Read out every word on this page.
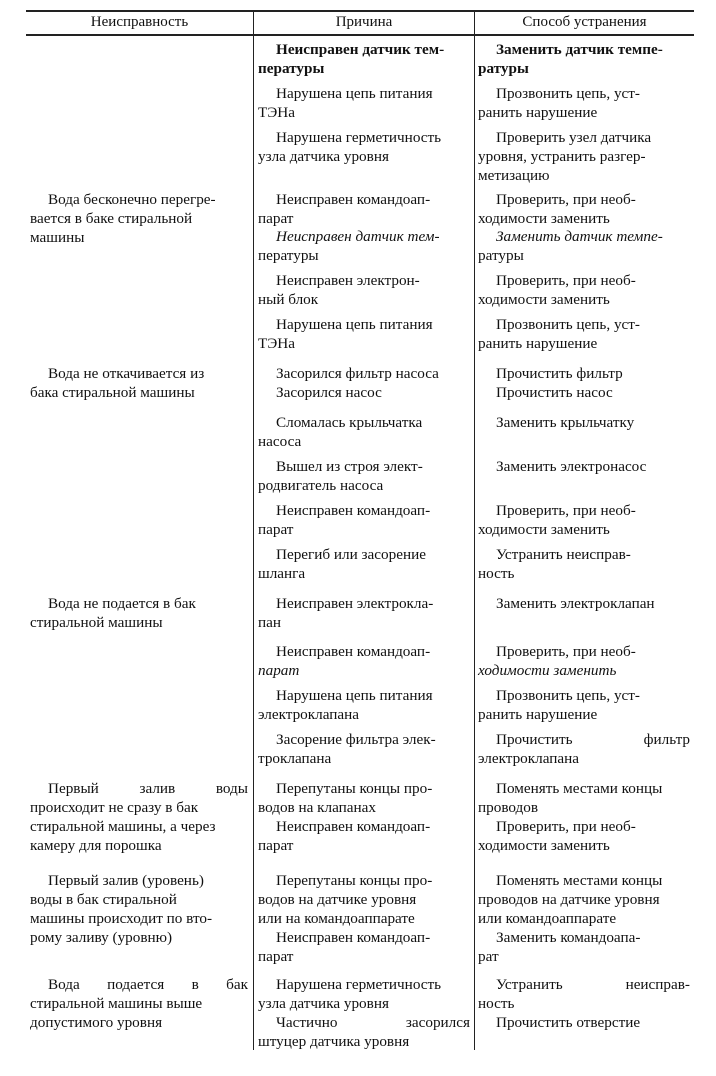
Неисправность	Причина	Способ устранения
Неисправен датчик тем-
пературы
Заменить датчик темпе-
ратуры
Нарушена цепь питания
ТЭНа
Прозвонить цепь, уст-
ранить нарушение
Нарушена герметичность
узла датчика уровня
Проверить узел датчика
уровня, устранить разгер-
метизацию
Вода бесконечно перегре-
вается в баке стиральной
машины
Неисправен командоап-
парат
Проверить, при необ-
ходимости заменить
Неисправен датчик тем-
пературы
Заменить датчик темпе-
ратуры
Неисправен электрон-
ный блок
Проверить, при необ-
ходимости заменить
Нарушена цепь питания
ТЭНа
Прозвонить цепь, уст-
ранить нарушение
Вода не откачивается из
бака стиральной машины
Засорился фильтр насоса
Засорился насос
Прочистить фильтр
Прочистить насос
Сломалась крыльчатка
насоса
Заменить крыльчатку
Вышел из строя элект-
родвигатель насоса
Заменить электронасос
Неисправен командоап-
парат
Проверить, при необ-
ходимости заменить
Перегиб или засорение
шланга
Устранить неисправ-
ность
Вода не подается в бак
стиральной машины
Неисправен электрокла-
пан
Заменить электроклапан
Неисправен командоап-
парат
Проверить, при необ-
ходимости заменить
Нарушена цепь питания
электроклапана
Прозвонить цепь, уст-
ранить нарушение
Засорение фильтра элек-
троклапана
Прочистить фильтр
электроклапана
Первый залив воды
происходит не сразу в бак
стиральной машины, а через
камеру для порошка
Перепутаны концы про-
водов на клапанах
Поменять местами концы
проводов
Неисправен командоап-
парат
Проверить, при необ-
ходимости заменить
Первый залив (уровень)
воды в бак стиральной
машины происходит по вто-
рому заливу (уровню)
Перепутаны концы про-
водов на датчике уровня
или на командоаппарате
Поменять местами концы
проводов на датчике уровня
или командоаппарате
Неисправен командоап-
парат
Заменить командоапа-
рат
Вода подается в бак
стиральной машины выше
допустимого уровня
Нарушена герметичность
узла датчика уровня
Устранить неисправ-
ность
Частично засорился
штуцер датчика уровня
Прочистить отверстие
